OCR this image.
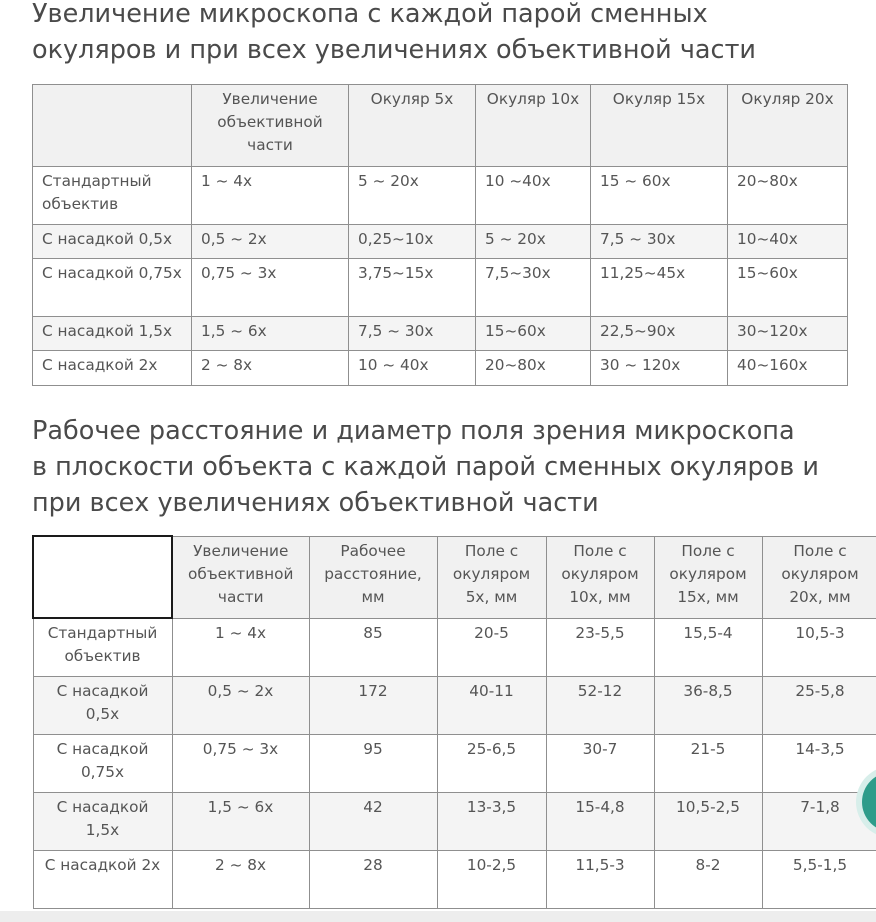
Увеличение микроскопа с каждой парой сменных
окуляров и при всех увеличениях объективной части
	Увеличение объективной части	Окуляр 5х	Окуляр 10х	Окуляр 15х	Окуляр 20х
Стандартный объектив	1 ~ 4x	5 ~ 20x	10 ~40x	15 ~ 60x	20~80x
С насадкой 0,5х	0,5 ~ 2x	0,25~10x	5 ~ 20x	7,5 ~ 30x	10~40x
С насадкой 0,75х	0,75 ~ 3x	3,75~15x	7,5~30x	11,25~45x	15~60x
С насадкой 1,5х	1,5 ~ 6x	7,5 ~ 30x	15~60x	22,5~90x	30~120x
С насадкой 2х	2 ~ 8x	10 ~ 40x	20~80x	30 ~ 120x	40~160x
Рабочее расстояние и диаметр поля зрения микроскопа
в плоскости объекта с каждой парой сменных окуляров и
при всех увеличениях объективной части
	Увеличение объективной части	Рабочее расстояние, мм	Поле с окуляром 5х, мм	Поле с окуляром 10х, мм	Поле с окуляром 15х, мм	Поле с окуляром 20х, мм
Стандартный объектив	1 ~ 4x	85	20-5	23-5,5	15,5-4	10,5-3
С насадкой 0,5х	0,5 ~ 2x	172	40-11	52-12	36-8,5	25-5,8
С насадкой 0,75х	0,75 ~ 3x	95	25-6,5	30-7	21-5	14-3,5
С насадкой 1,5х	1,5 ~ 6x	42	13-3,5	15-4,8	10,5-2,5	7-1,8
С насадкой 2х	2 ~ 8x	28	10-2,5	11,5-3	8-2	5,5-1,5
